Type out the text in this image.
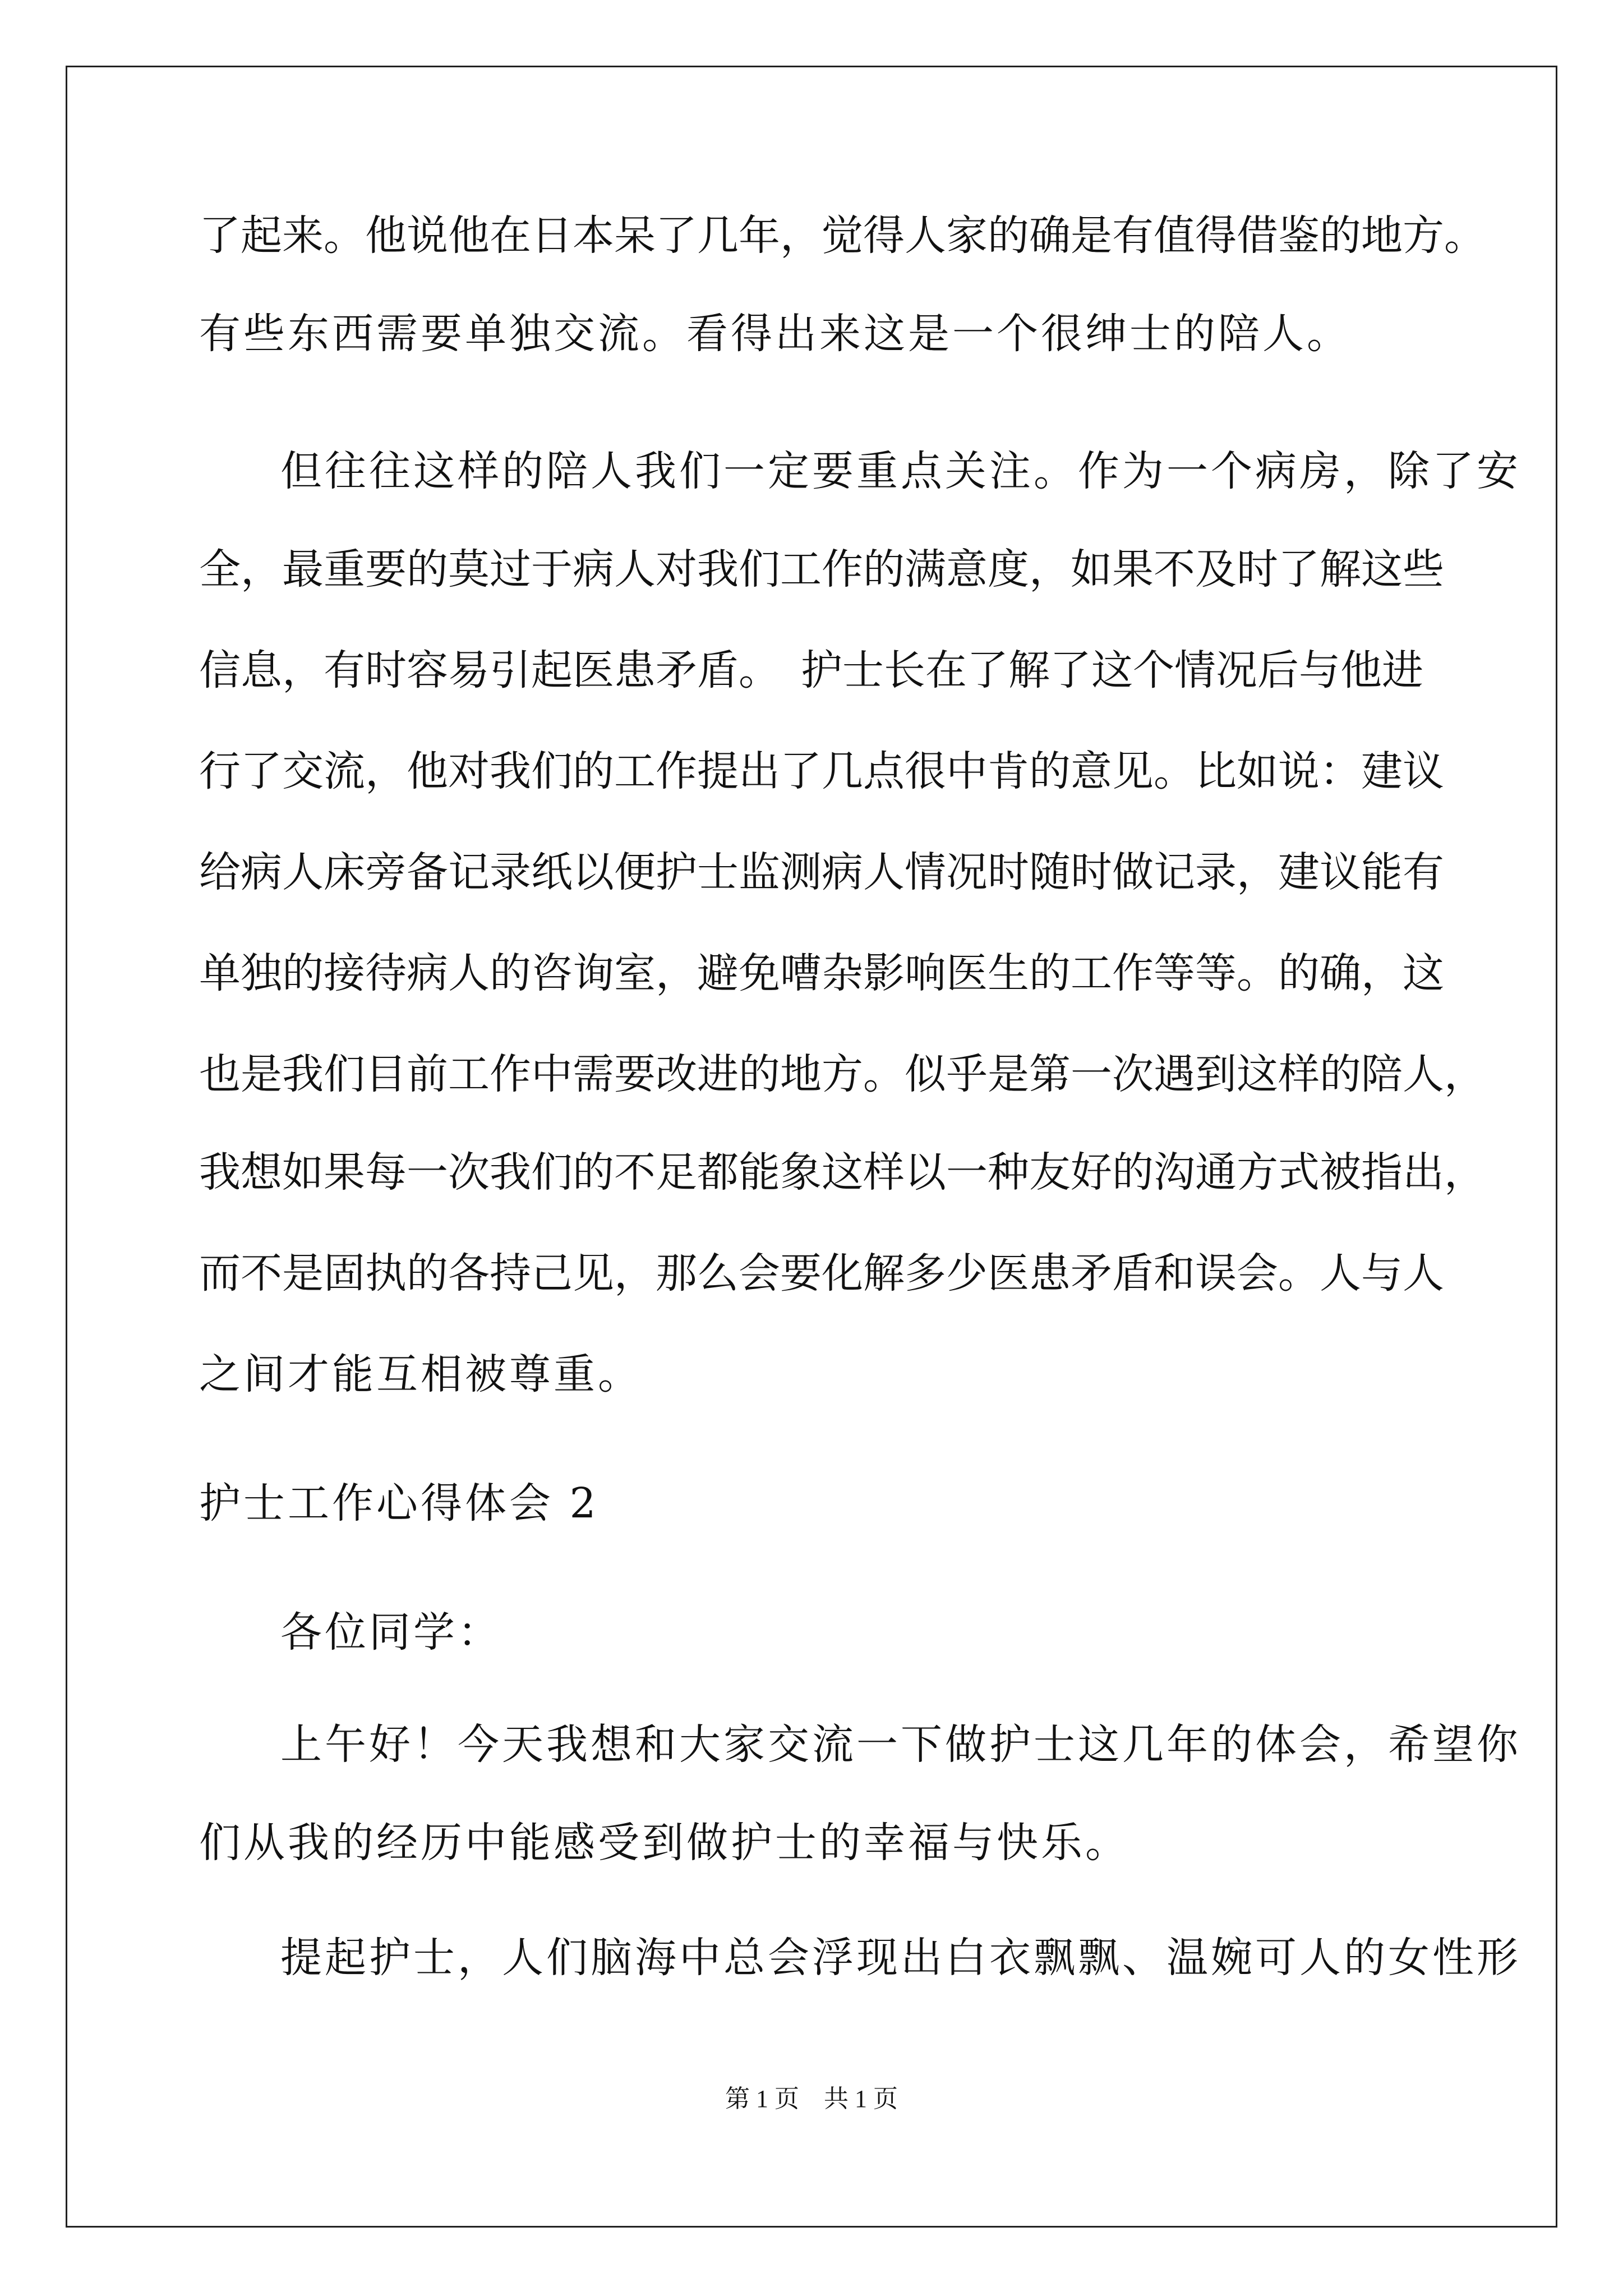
了起来。他说他在日本呆了几年，觉得人家的确是有值得借鉴的地方。
有些东西需要单独交流。看得出来这是一个很绅士的陪人。
但往往这样的陪人我们一定要重点关注。作为一个病房，除了安
全，最重要的莫过于病人对我们工作的满意度，如果不及时了解这些
信息，有时容易引起医患矛盾。　护士长在了解了这个情况后与他进
行了交流，他对我们的工作提出了几点很中肯的意见。比如说：建议
给病人床旁备记录纸以便护士监测病人情况时随时做记录，建议能有
单独的接待病人的咨询室，避免嘈杂影响医生的工作等等。的确，这
也是我们目前工作中需要改进的地方。似乎是第一次遇到这样的陪人，
我想如果每一次我们的不足都能象这样以一种友好的沟通方式被指出，
而不是固执的各持己见，那么会要化解多少医患矛盾和误会。人与人
之间才能互相被尊重。
护士工作心得体会 2
各位同学：
上午好！今天我想和大家交流一下做护士这几年的体会，希望你
们从我的经历中能感受到做护士的幸福与快乐。
提起护士，人们脑海中总会浮现出白衣飘飘、温婉可人的女性形
第 1 页　共 1 页
